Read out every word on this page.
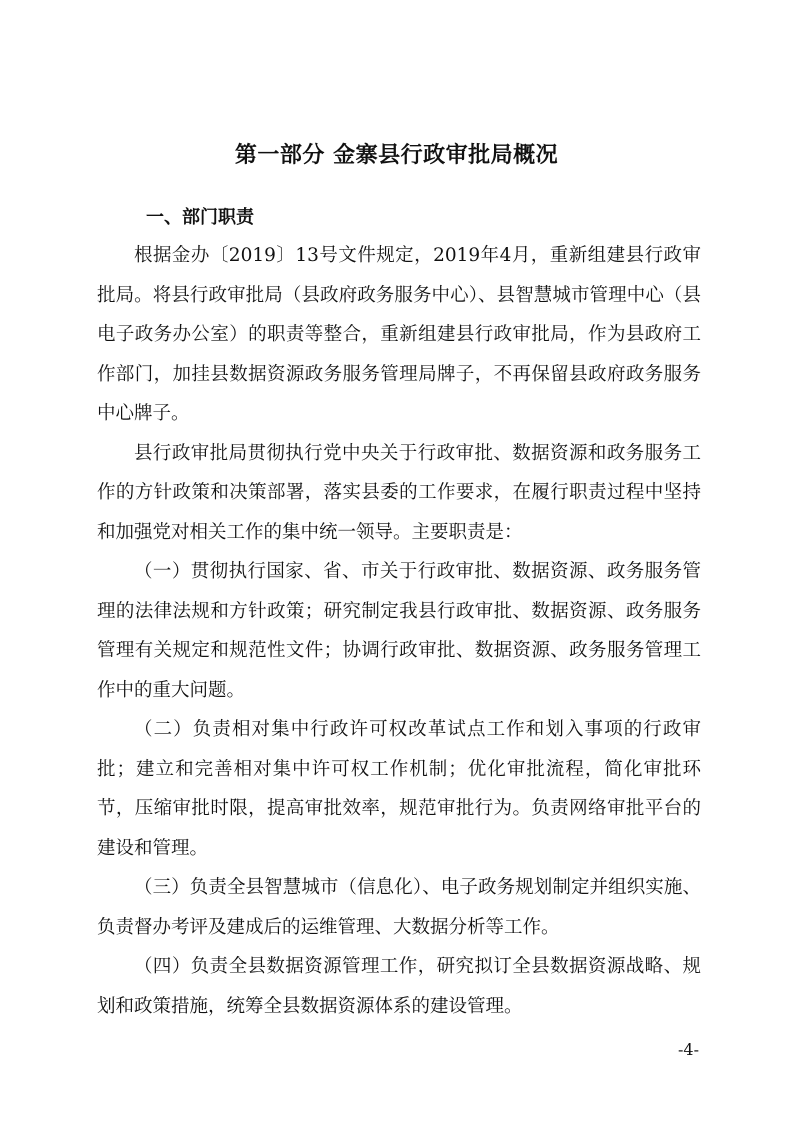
第一部分 金寨县行政审批局概况
一、部门职责

根据金办〔2019〕13号文件规定，2019年4月，重新组建县行政审批局。将县行政审批局（县政府政务服务中心）、县智慧城市管理中心（县电子政务办公室）的职责等整合，重新组建县行政审批局，作为县政府工作部门，加挂县数据资源政务服务管理局牌子，不再保留县政府政务服务中心牌子。

县行政审批局贯彻执行党中央关于行政审批、数据资源和政务服务工作的方针政策和决策部署，落实县委的工作要求，在履行职责过程中坚持和加强党对相关工作的集中统一领导。主要职责是：

（一）贯彻执行国家、省、市关于行政审批、数据资源、政务服务管理的法律法规和方针政策；研究制定我县行政审批、数据资源、政务服务管理有关规定和规范性文件；协调行政审批、数据资源、政务服务管理工作中的重大问题。

（二）负责相对集中行政许可权改革试点工作和划入事项的行政审批；建立和完善相对集中许可权工作机制；优化审批流程，简化审批环节，压缩审批时限，提高审批效率，规范审批行为。负责网络审批平台的建设和管理。

（三）负责全县智慧城市（信息化）、电子政务规划制定并组织实施、负责督办考评及建成后的运维管理、大数据分析等工作。

（四）负责全县数据资源管理工作，研究拟订全县数据资源战略、规划和政策措施，统筹全县数据资源体系的建设管理。

-4-
